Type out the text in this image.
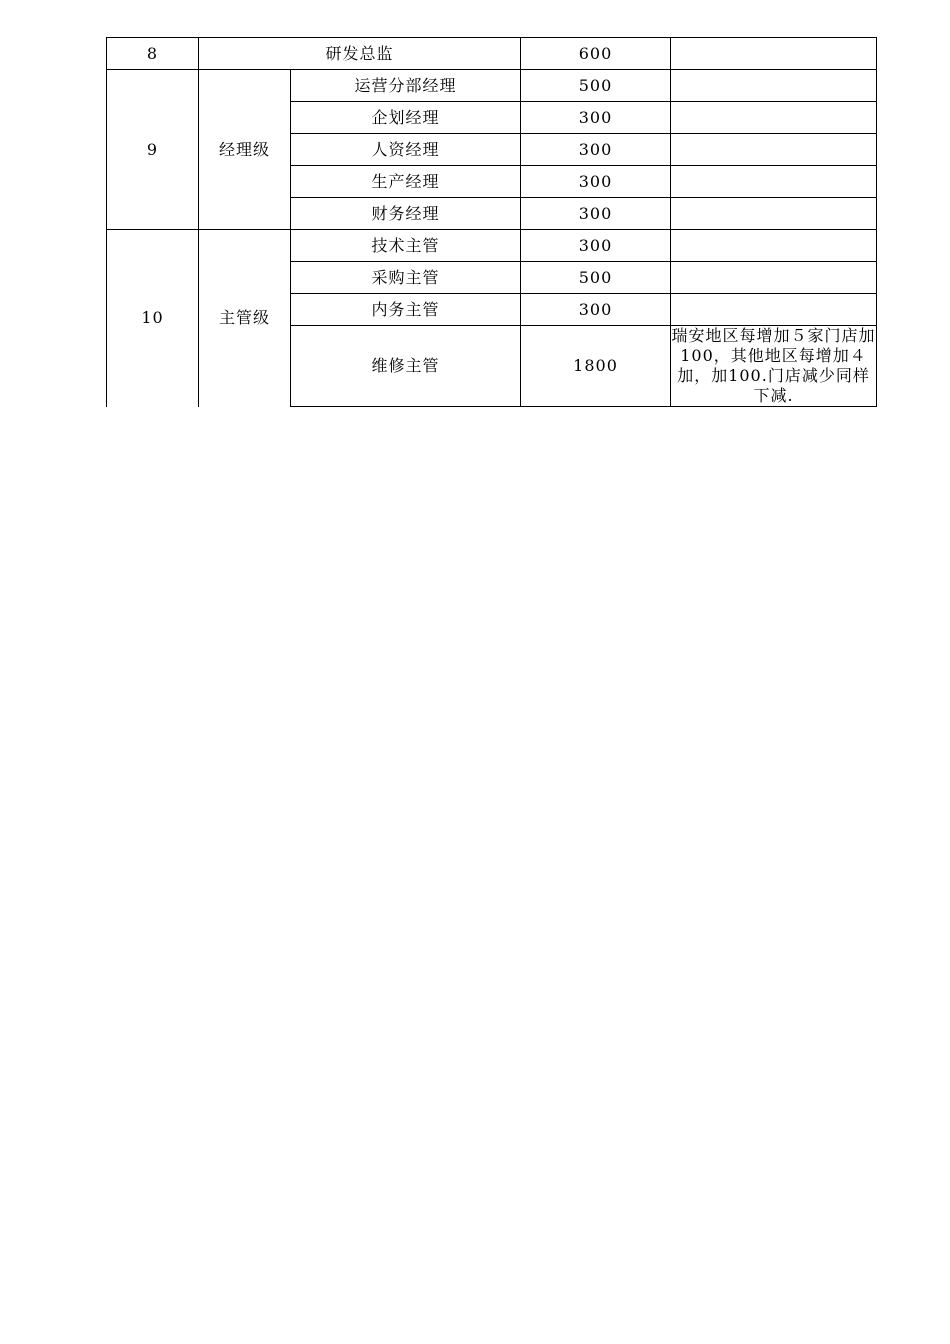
8	研发总监		600	
9	经理级	运营分部经理	500	
		企划经理	300	
		人资经理	300	
		生产经理	300	
		财务经理	300	
10	主管级	技术主管	300	
		采购主管	500	
		内务主管	300	
		维修主管	1800	瑞安地区每增加５家门店加100，其他地区每增加４加，加100.门店减少同样下减.
